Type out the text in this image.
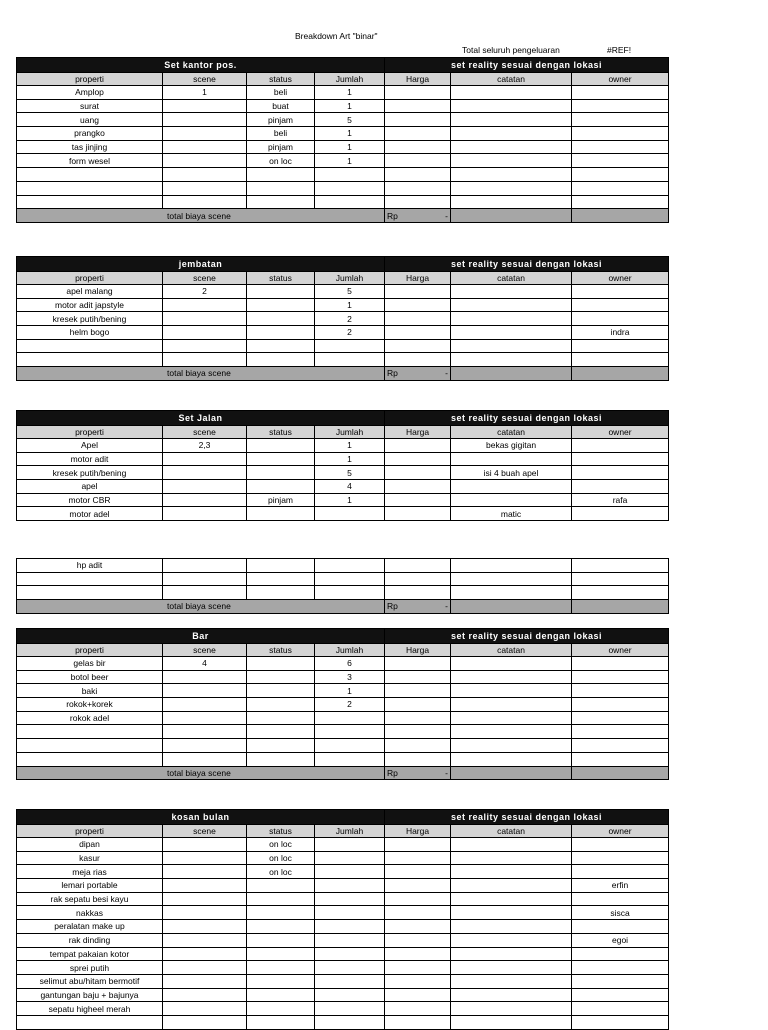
Breakdown Art "binar"
Total seluruh pengeluaran	#REF!
Set kantor pos.				set reality sesuai dengan lokasi		
properti	scene	status	Jumlah	Harga	catatan	owner
Amplop	1	beli	1			
surat		buat	1			
uang		pinjam	5			
prangko		beli	1			
tas jinjing		pinjam	1			
form wesel		on loc	1			

total biaya scene				Rp -		

jembatan				set reality sesuai dengan lokasi		
properti	scene	status	Jumlah	Harga	catatan	owner
apel malang	2		5			
motor adit japstyle			1			
kresek putih/bening			2			
helm bogo			2			indra

total biaya scene				Rp -		

Set Jalan				set reality sesuai dengan lokasi		
properti	scene	status	Jumlah	Harga	catatan	owner
Apel	2,3		1		bekas gigitan	
motor adit			1			
kresek putih/bening			5		isi 4 buah apel	
apel			4			
motor CBR		pinjam	1			rafa
motor adel					matic	
hp adit						

total biaya scene				Rp -		

Bar				set reality sesuai dengan lokasi		
properti	scene	status	Jumlah	Harga	catatan	owner
gelas bir	4		6			
botol beer			3			
baki			1			
rokok+korek			2			
rokok adel						

total biaya scene				Rp -		

kosan bulan				set reality sesuai dengan lokasi		
properti	scene	status	Jumlah	Harga	catatan	owner
dipan		on loc				
kasur		on loc				
meja rias		on loc				
lemari portable						erfin
rak sepatu besi kayu						
nakkas						sisca
peralatan make up						
rak dinding						egoi
tempat pakaian kotor						
sprei putih						
selimut abu/hitam bermotif						
gantungan baju + bajunya						
sepatu higheel merah						
